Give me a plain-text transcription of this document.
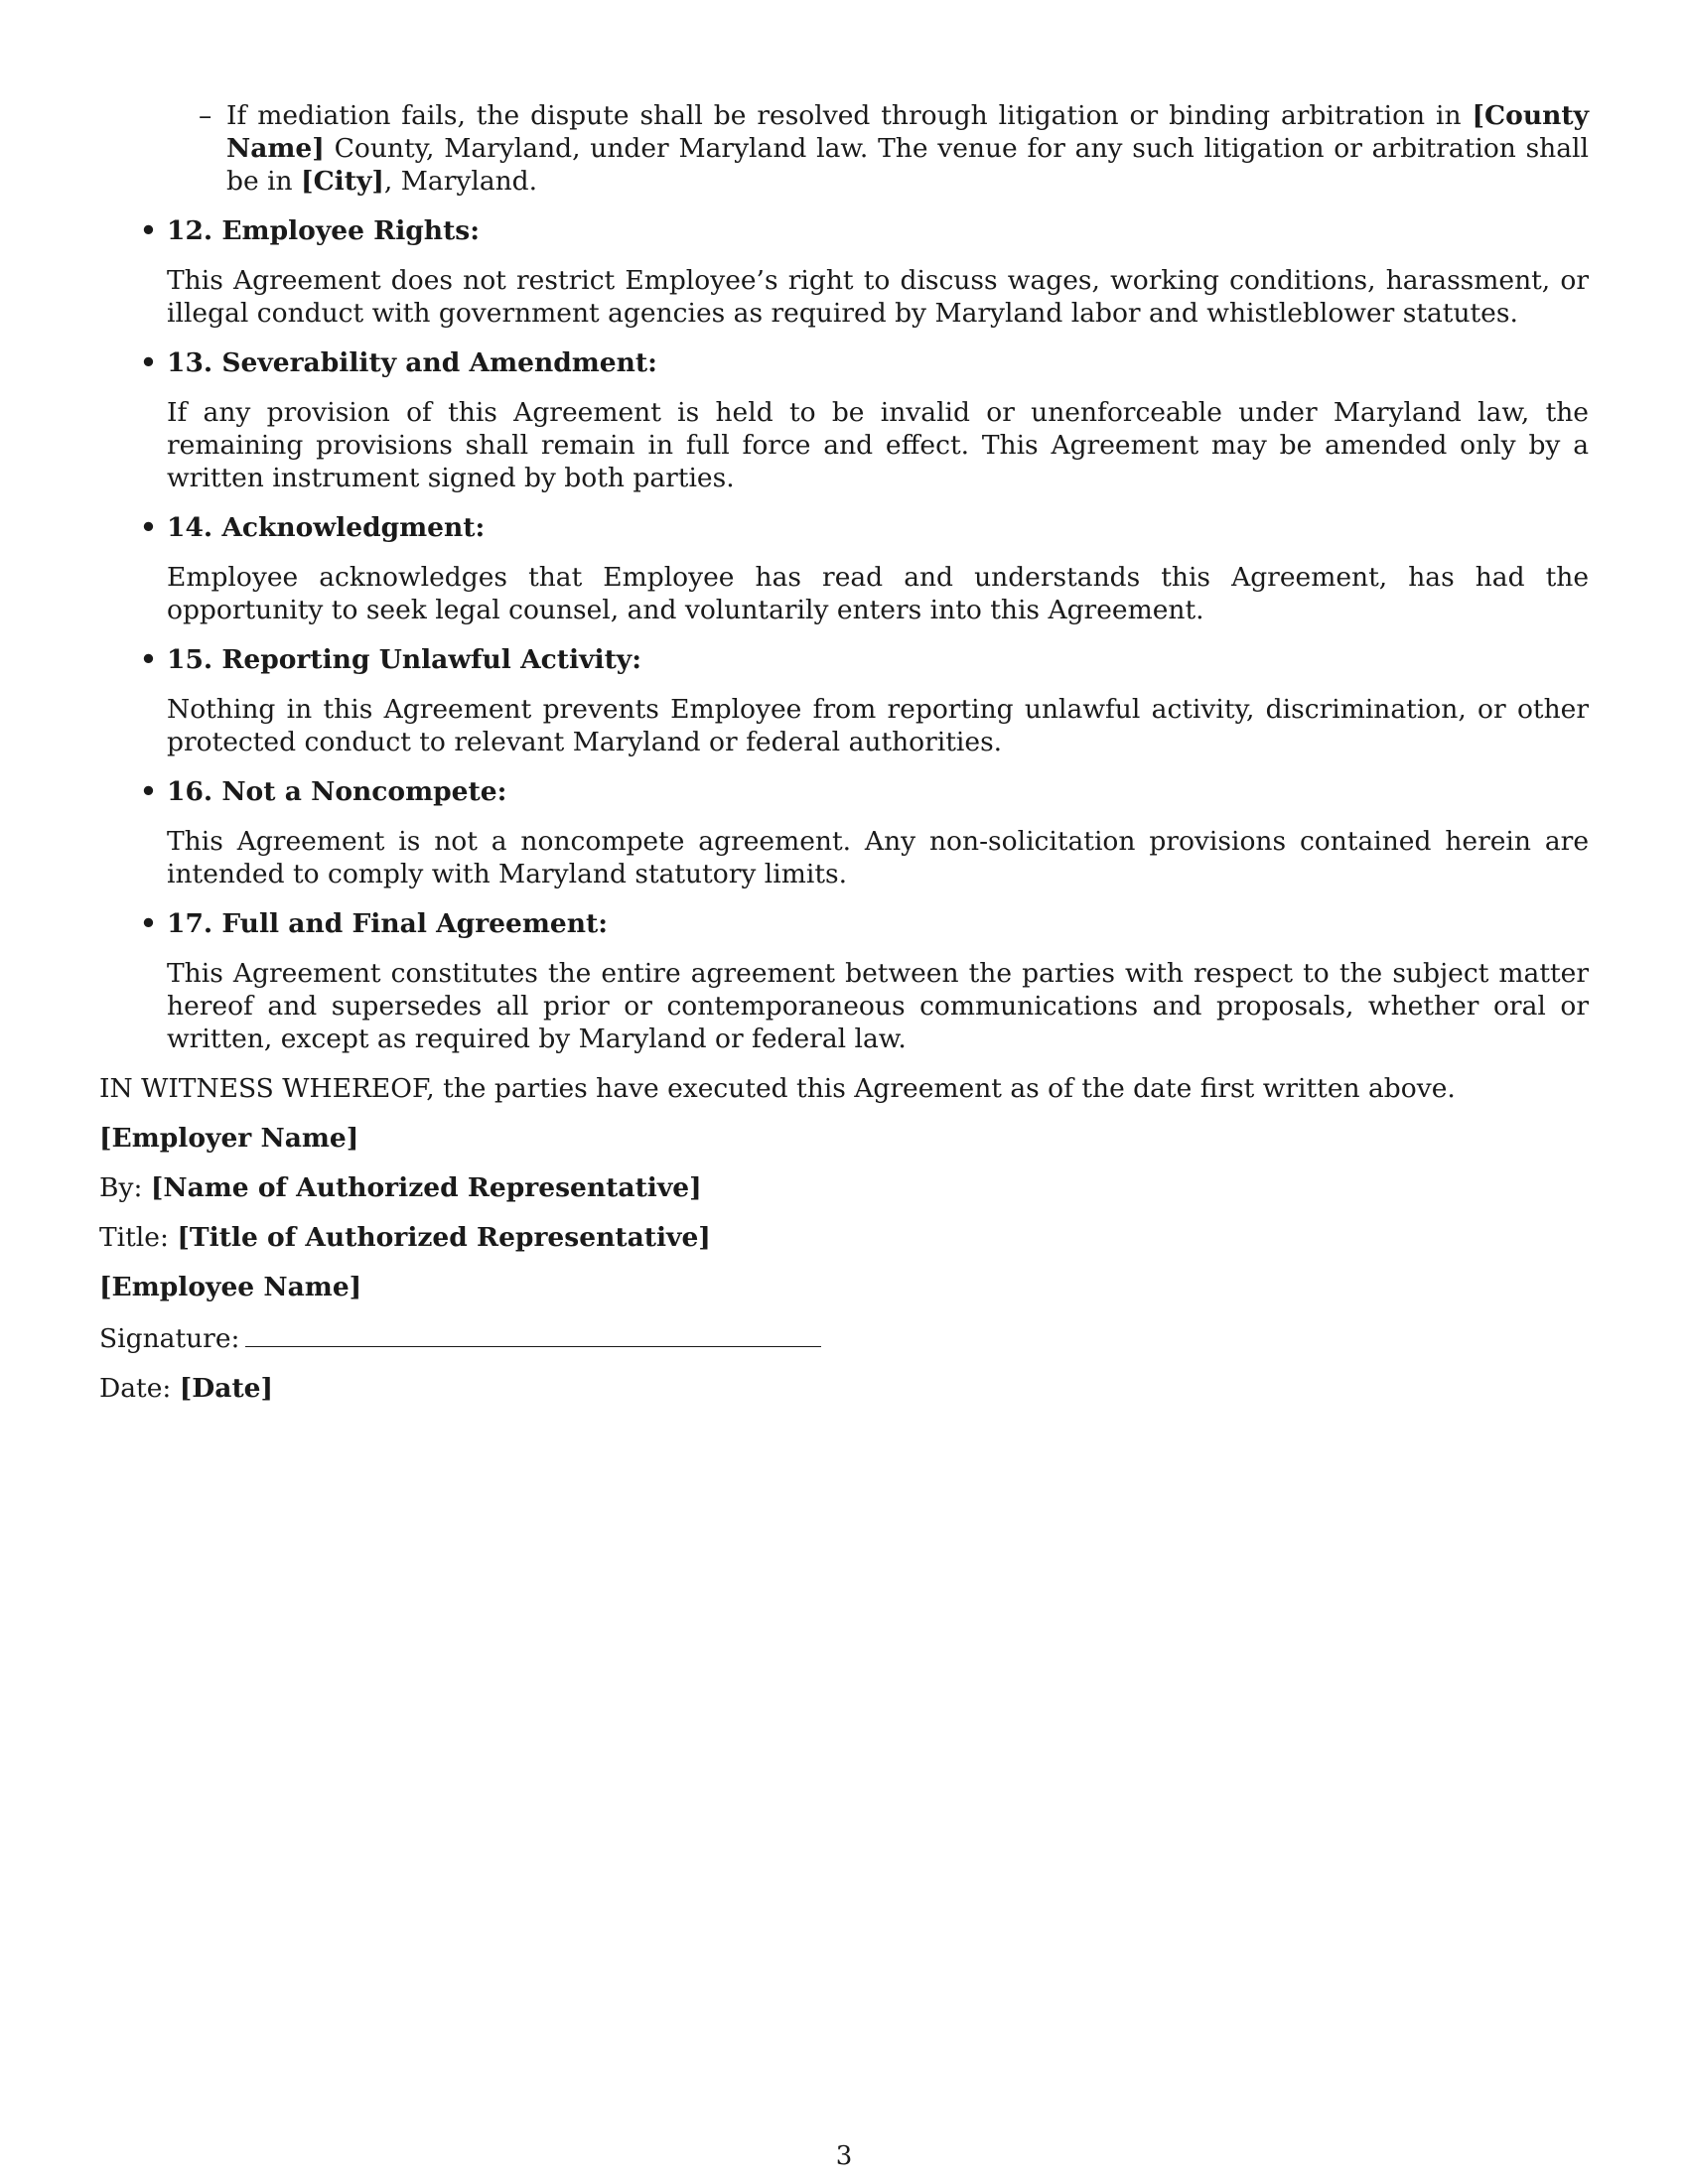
– If mediation fails, the dispute shall be resolved through litigation or binding arbitration in [County Name] County, Maryland, under Maryland law. The venue for any such litigation or arbitration shall be in [City], Maryland.
• 12. Employee Rights:
This Agreement does not restrict Employee’s right to discuss wages, working conditions, harassment, or illegal conduct with government agencies as required by Maryland labor and whistleblower statutes.
• 13. Severability and Amendment:
If any provision of this Agreement is held to be invalid or unenforceable under Maryland law, the remaining provisions shall remain in full force and effect. This Agreement may be amended only by a written instrument signed by both parties.
• 14. Acknowledgment:
Employee acknowledges that Employee has read and understands this Agreement, has had the opportunity to seek legal counsel, and voluntarily enters into this Agreement.
• 15. Reporting Unlawful Activity:
Nothing in this Agreement prevents Employee from reporting unlawful activity, discrimination, or other protected conduct to relevant Maryland or federal authorities.
• 16. Not a Noncompete:
This Agreement is not a noncompete agreement. Any non-solicitation provisions contained herein are intended to comply with Maryland statutory limits.
• 17. Full and Final Agreement:
This Agreement constitutes the entire agreement between the parties with respect to the subject matter hereof and supersedes all prior or contemporaneous communications and proposals, whether oral or written, except as required by Maryland or federal law.
IN WITNESS WHEREOF, the parties have executed this Agreement as of the date first written above.
[Employer Name]
By: [Name of Authorized Representative]
Title: [Title of Authorized Representative]
[Employee Name]
Signature:
Date: [Date]
3
